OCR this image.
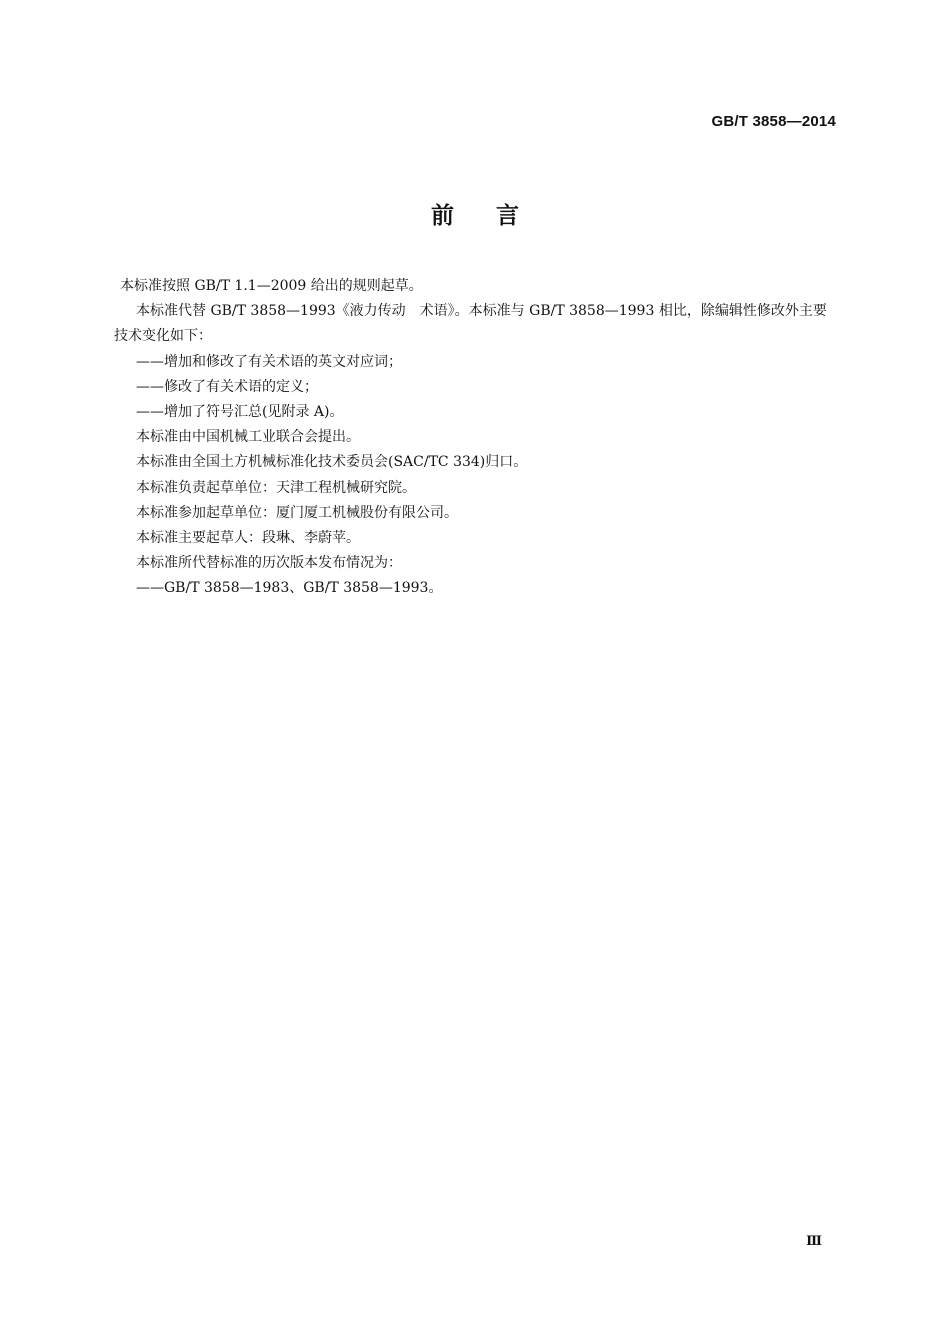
GB/T 3858—2014
前 言

本标准按照 GB/T 1.1—2009 给出的规则起草。

本标准代替 GB/T 3858—1993《液力传动　术语》。本标准与 GB/T 3858—1993 相比，除编辑性修改外主要技术变化如下：

——增加和修改了有关术语的英文对应词；

——修改了有关术语的定义；

——增加了符号汇总(见附录 A)。

本标准由中国机械工业联合会提出。

本标准由全国土方机械标准化技术委员会(SAC/TC 334)归口。

本标准负责起草单位：天津工程机械研究院。

本标准参加起草单位：厦门厦工机械股份有限公司。

本标准主要起草人：段琳、李蔚苹。

本标准所代替标准的历次版本发布情况为：

——GB/T 3858—1983、GB/T 3858—1993。

Ⅲ
